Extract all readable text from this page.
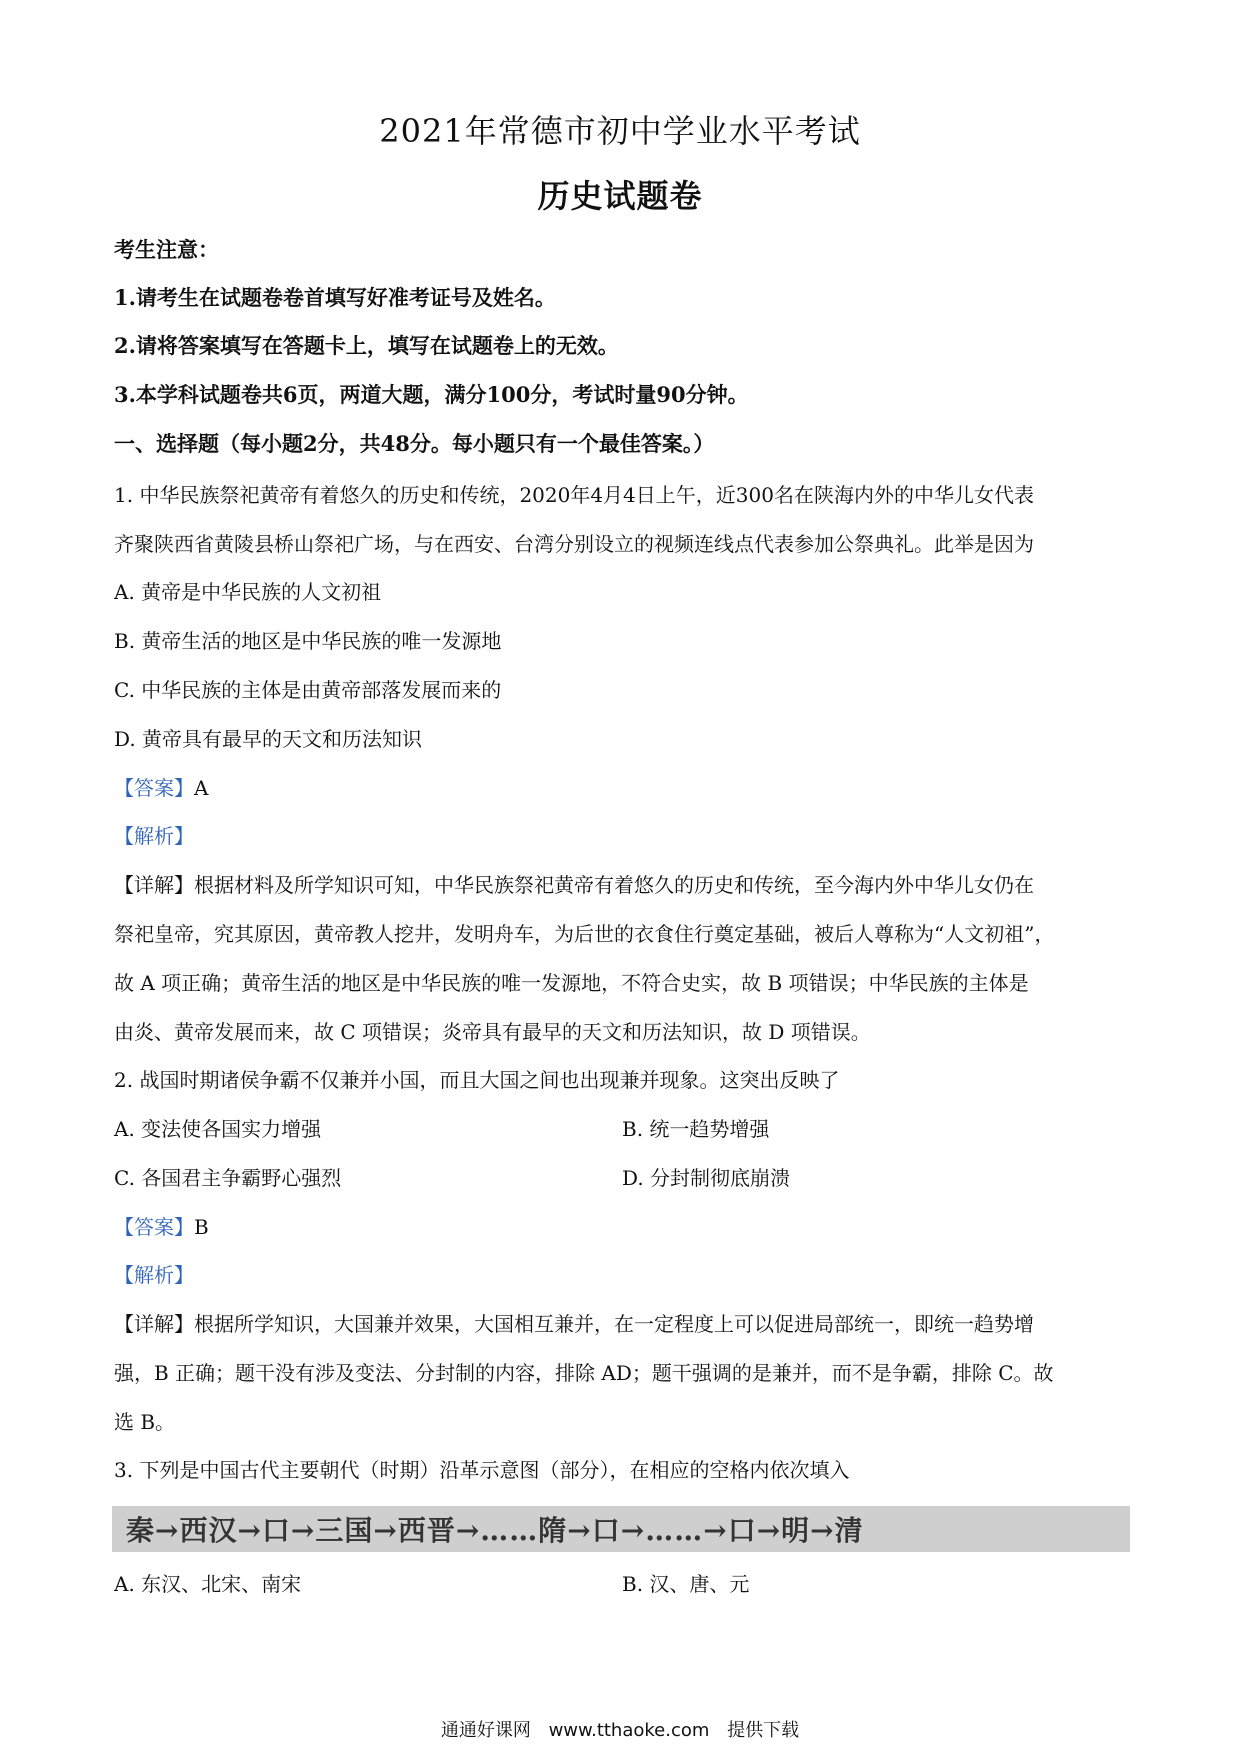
2021年常德市初中学业水平考试
历史试题卷
考生注意：
1.请考生在试题卷卷首填写好准考证号及姓名。
2.请将答案填写在答题卡上，填写在试题卷上的无效。
3.本学科试题卷共6页，两道大题，满分100分，考试时量90分钟。
一、选择题（每小题2分，共48分。每小题只有一个最佳答案。）
1. 中华民族祭祀黄帝有着悠久的历史和传统，2020年4月4日上午，近300名在陕海内外的中华儿女代表
齐聚陕西省黄陵县桥山祭祀广场，与在西安、台湾分别设立的视频连线点代表参加公祭典礼。此举是因为
A. 黄帝是中华民族的人文初祖
B. 黄帝生活的地区是中华民族的唯一发源地
C. 中华民族的主体是由黄帝部落发展而来的
D. 黄帝具有最早的天文和历法知识
【答案】A
【解析】
【详解】根据材料及所学知识可知，中华民族祭祀黄帝有着悠久的历史和传统，至今海内外中华儿女仍在
祭祀皇帝，究其原因，黄帝教人挖井，发明舟车，为后世的衣食住行奠定基础，被后人尊称为“人文初祖”，
故 A 项正确；黄帝生活的地区是中华民族的唯一发源地，不符合史实，故 B 项错误；中华民族的主体是
由炎、黄帝发展而来，故 C 项错误；炎帝具有最早的天文和历法知识，故 D 项错误。
2. 战国时期诸侯争霸不仅兼并小国，而且大国之间也出现兼并现象。这突出反映了
A. 变法使各国实力增强	B. 统一趋势增强
C. 各国君主争霸野心强烈	D. 分封制彻底崩溃
【答案】B
【解析】
【详解】根据所学知识，大国兼并效果，大国相互兼并，在一定程度上可以促进局部统一，即统一趋势增
强，B 正确；题干没有涉及变法、分封制的内容，排除 AD；题干强调的是兼并，而不是争霸，排除 C。故
选 B。
3. 下列是中国古代主要朝代（时期）沿革示意图（部分），在相应的空格内依次填入
秦→西汉→口→三国→西晋→……隋→口→……→口→明→清
A. 东汉、北宋、南宋	B. 汉、唐、元
通通好课网 www.tthaoke.com 提供下载
